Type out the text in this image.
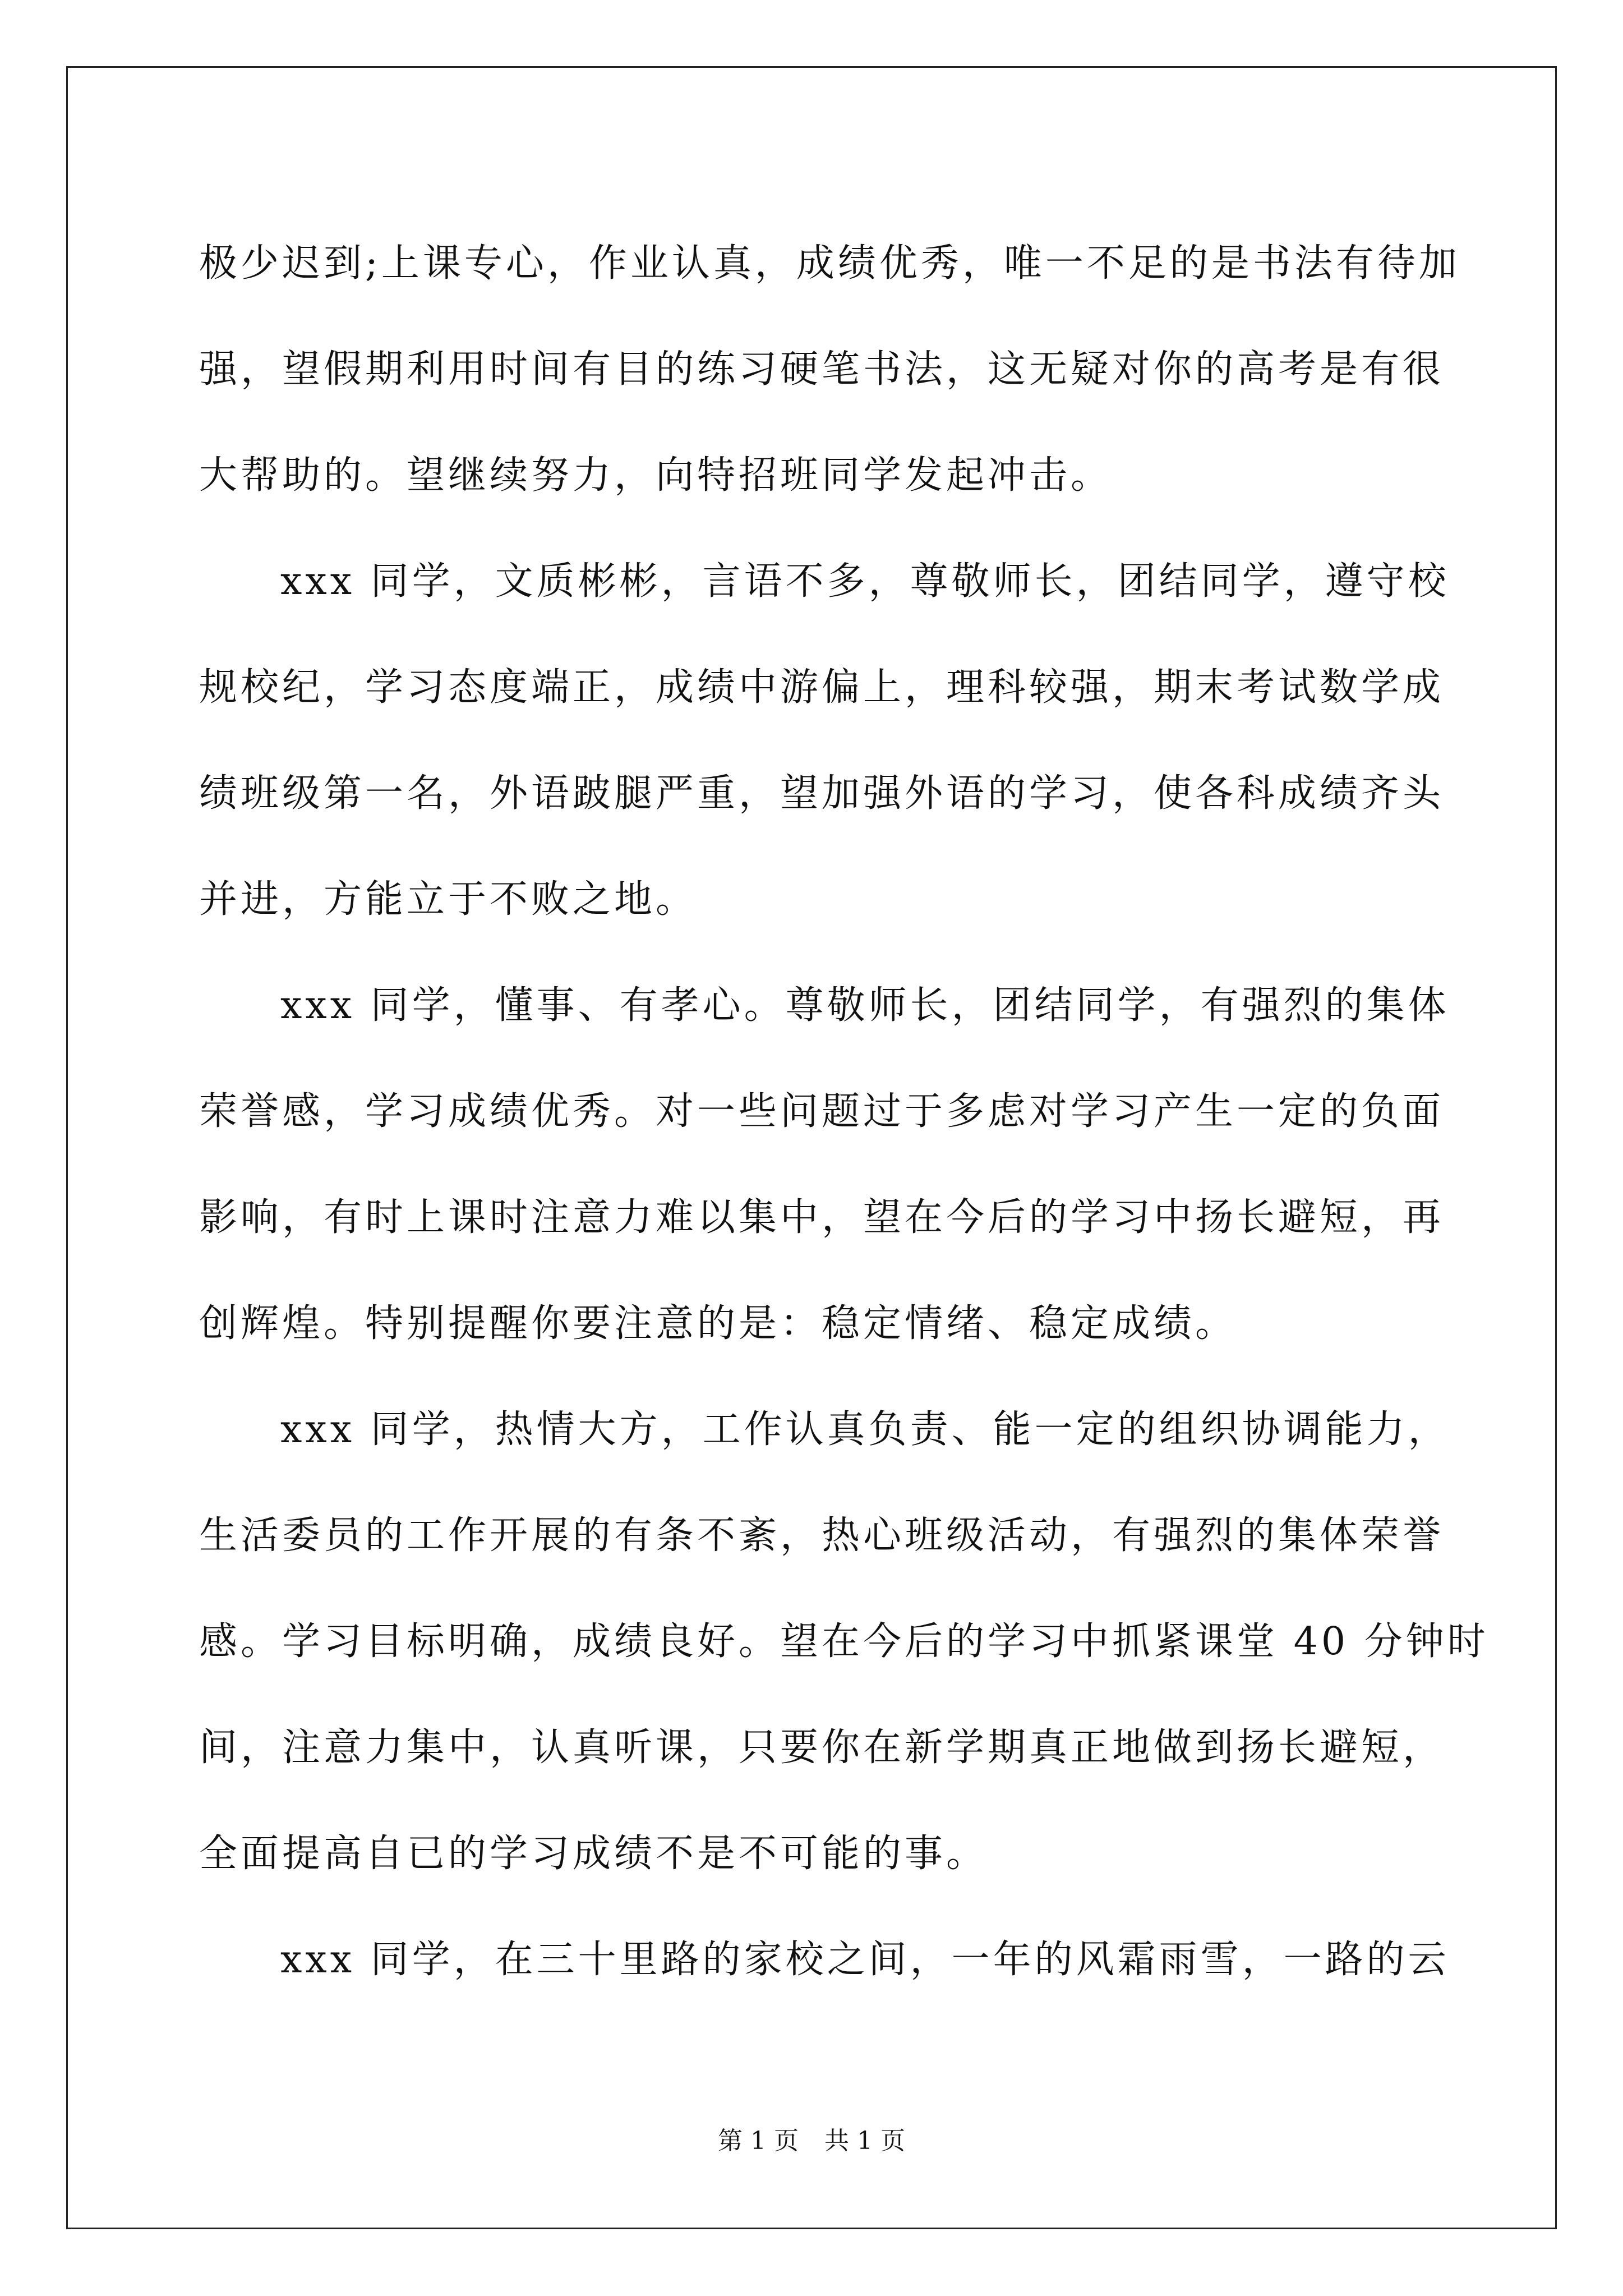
极少迟到;上课专心，作业认真，成绩优秀，唯一不足的是书法有待加
强，望假期利用时间有目的练习硬笔书法，这无疑对你的高考是有很
大帮助的。望继续努力，向特招班同学发起冲击。
xxx 同学，文质彬彬，言语不多，尊敬师长，团结同学，遵守校
规校纪，学习态度端正，成绩中游偏上，理科较强，期末考试数学成
绩班级第一名，外语跛腿严重，望加强外语的学习，使各科成绩齐头
并进，方能立于不败之地。
xxx 同学，懂事、有孝心。尊敬师长，团结同学，有强烈的集体
荣誉感，学习成绩优秀。对一些问题过于多虑对学习产生一定的负面
影响，有时上课时注意力难以集中，望在今后的学习中扬长避短，再
创辉煌。特别提醒你要注意的是：稳定情绪、稳定成绩。
xxx 同学，热情大方，工作认真负责、能一定的组织协调能力，
生活委员的工作开展的有条不紊，热心班级活动，有强烈的集体荣誉
感。学习目标明确，成绩良好。望在今后的学习中抓紧课堂 40 分钟时
间，注意力集中，认真听课，只要你在新学期真正地做到扬长避短，
全面提高自已的学习成绩不是不可能的事。
xxx 同学，在三十里路的家校之间，一年的风霜雨雪，一路的云
第 1 页 共 1 页
